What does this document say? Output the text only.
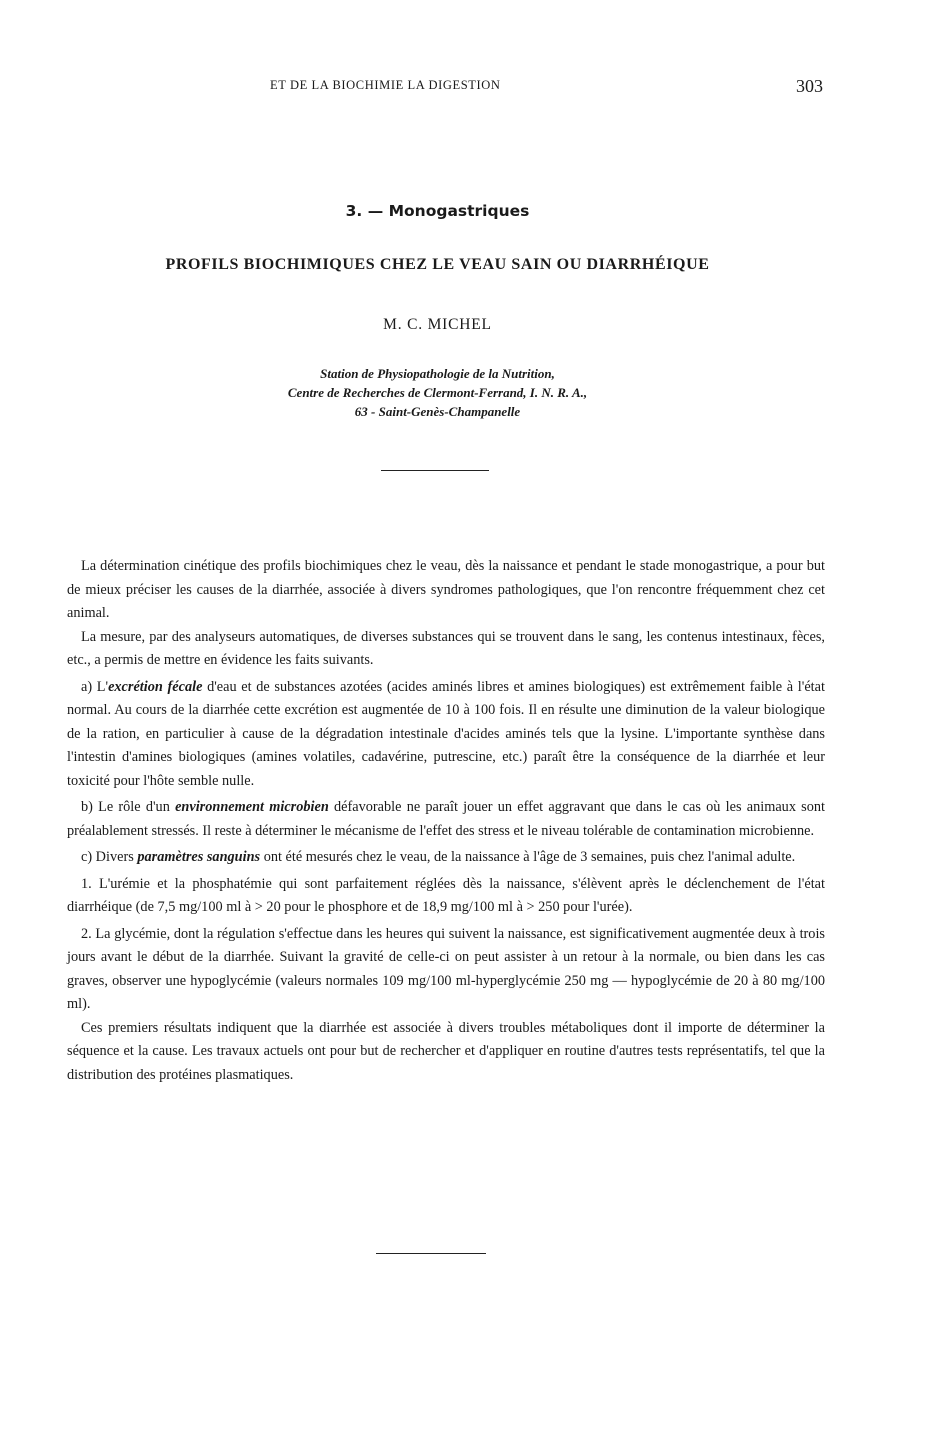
ET DE LA BIOCHIMIE LA DIGESTION	303
3. — Monogastriques
PROFILS BIOCHIMIQUES CHEZ LE VEAU SAIN OU DIARRHÉIQUE
M. C. MICHEL
Station de Physiopathologie de la Nutrition,
Centre de Recherches de Clermont-Ferrand, I. N. R. A.,
63 - Saint-Genès-Champanelle

La détermination cinétique des profils biochimiques chez le veau, dès la naissance et pendant le stade monogastrique, a pour but de mieux préciser les causes de la diarrhée, associée à divers syndromes pathologiques, que l'on rencontre fréquemment chez cet animal.

La mesure, par des analyseurs automatiques, de diverses substances qui se trouvent dans le sang, les contenus intestinaux, fèces, etc., a permis de mettre en évidence les faits suivants.

a) L'excrétion fécale d'eau et de substances azotées (acides aminés libres et amines biologiques) est extrêmement faible à l'état normal. Au cours de la diarrhée cette excrétion est augmentée de 10 à 100 fois. Il en résulte une diminution de la valeur biologique de la ration, en particulier à cause de la dégradation intestinale d'acides aminés tels que la lysine. L'importante synthèse dans l'intestin d'amines biologiques (amines volatiles, cadavérine, putrescine, etc.) paraît être la conséquence de la diarrhée et leur toxicité pour l'hôte semble nulle.

b) Le rôle d'un environnement microbien défavorable ne paraît jouer un effet aggravant que dans le cas où les animaux sont préalablement stressés. Il reste à déterminer le mécanisme de l'effet des stress et le niveau tolérable de contamination microbienne.

c) Divers paramètres sanguins ont été mesurés chez le veau, de la naissance à l'âge de 3 semaines, puis chez l'animal adulte.

1. L'urémie et la phosphatémie qui sont parfaitement réglées dès la naissance, s'élèvent après le déclenchement de l'état diarrhéique (de 7,5 mg/100 ml à > 20 pour le phosphore et de 18,9 mg/100 ml à > 250 pour l'urée).

2. La glycémie, dont la régulation s'effectue dans les heures qui suivent la naissance, est significativement augmentée deux à trois jours avant le début de la diarrhée. Suivant la gravité de celle-ci on peut assister à un retour à la normale, ou bien dans les cas graves, observer une hypoglycémie (valeurs normales 109 mg/100 ml-hyperglycémie 250 mg — hypoglycémie de 20 à 80 mg/100 ml).

Ces premiers résultats indiquent que la diarrhée est associée à divers troubles métaboliques dont il importe de déterminer la séquence et la cause. Les travaux actuels ont pour but de rechercher et d'appliquer en routine d'autres tests représentatifs, tel que la distribution des protéines plasmatiques.
